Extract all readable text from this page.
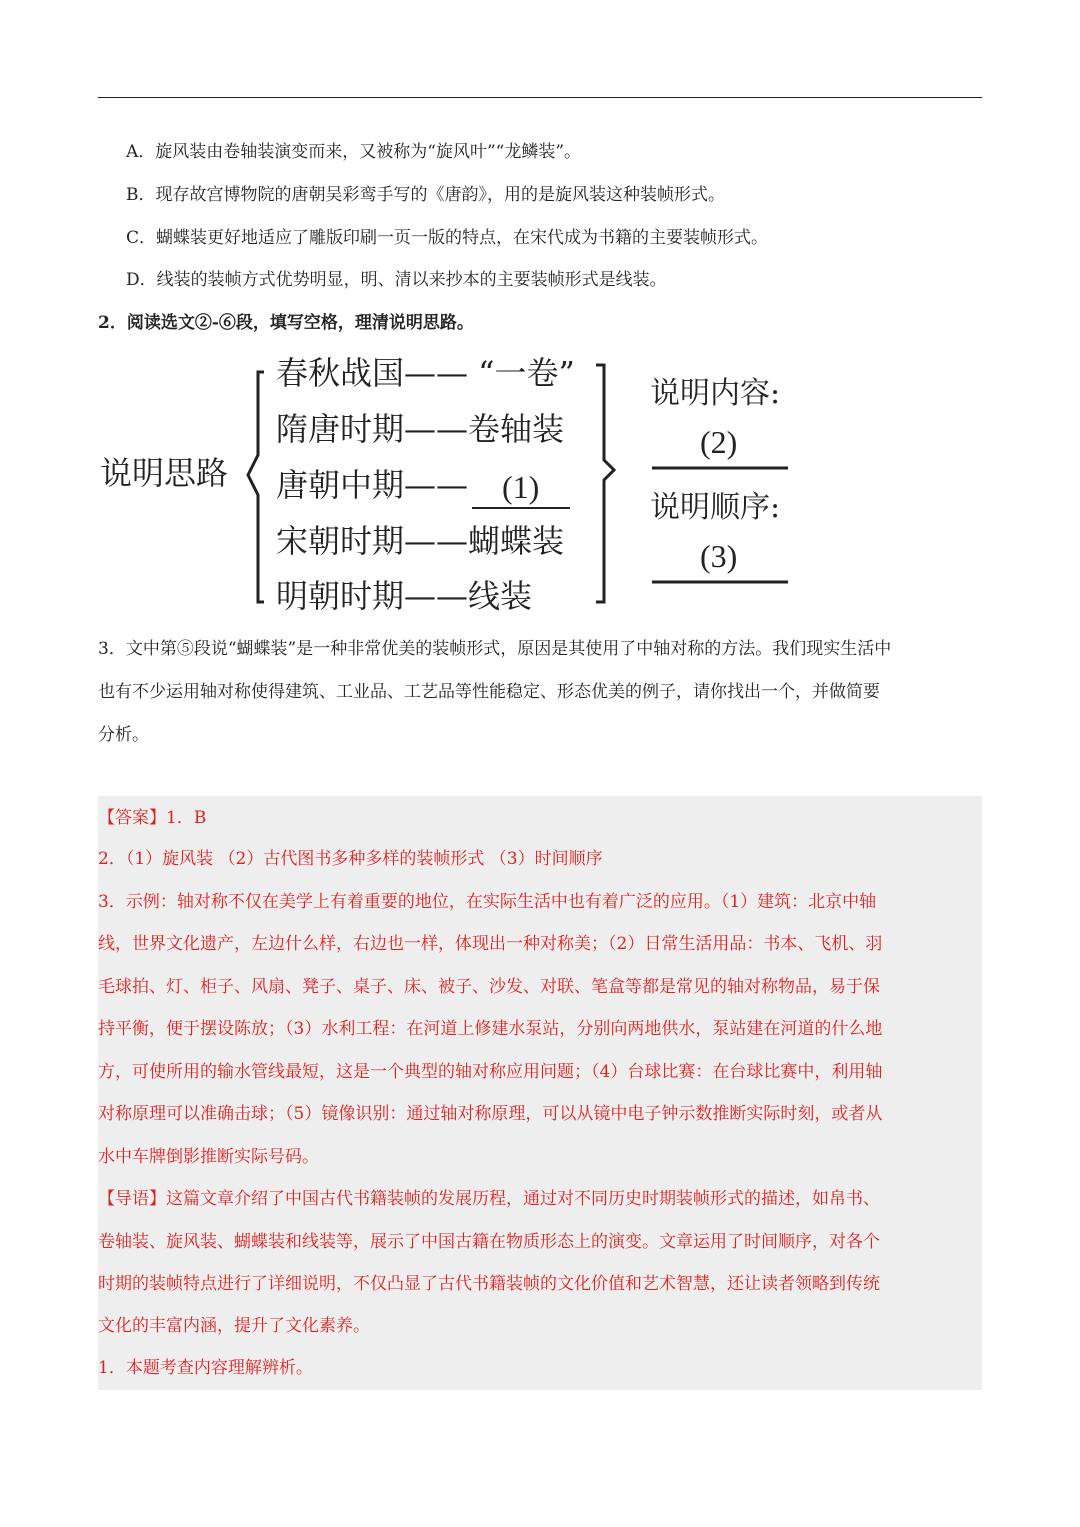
A．旋风装由卷轴装演变而来，又被称为“旋风叶”“龙鳞装”。
B．现存故宫博物院的唐朝吴彩鸾手写的《唐韵》，用的是旋风装这种装帧形式。
C．蝴蝶装更好地适应了雕版印刷一页一版的特点，在宋代成为书籍的主要装帧形式。
D．线装的装帧方式优势明显，明、清以来抄本的主要装帧形式是线装。
2．阅读选文②-⑥段，填写空格，理清说明思路。
说明思路
春秋战国—— “一卷”
隋唐时期——卷轴装
唐朝中期—— (1)
宋朝时期——蝴蝶装
明朝时期——线装
说明内容:
(2)
说明顺序:
(3)

3．文中第⑤段说“蝴蝶装”是一种非常优美的装帧形式，原因是其使用了中轴对称的方法。我们现实生活中

也有不少运用轴对称使得建筑、工业品、工艺品等性能稳定、形态优美的例子，请你找出一个，并做简要

分析。

【答案】1．B
2．（1）旋风装 （2）古代图书多种多样的装帧形式 （3）时间顺序
3．示例：轴对称不仅在美学上有着重要的地位，在实际生活中也有着广泛的应用。（1）建筑：北京中轴
线，世界文化遗产，左边什么样，右边也一样，体现出一种对称美；（2）日常生活用品：书本、飞机、羽
毛球拍、灯、柜子、风扇、凳子、桌子、床、被子、沙发、对联、笔盒等都是常见的轴对称物品，易于保
持平衡，便于摆设陈放；（3）水利工程：在河道上修建水泵站，分别向两地供水，泵站建在河道的什么地
方，可使所用的输水管线最短，这是一个典型的轴对称应用问题；（4）台球比赛：在台球比赛中，利用轴
对称原理可以准确击球；（5）镜像识别：通过轴对称原理，可以从镜中电子钟示数推断实际时刻，或者从
水中车牌倒影推断实际号码。
【导语】这篇文章介绍了中国古代书籍装帧的发展历程，通过对不同历史时期装帧形式的描述，如帛书、
卷轴装、旋风装、蝴蝶装和线装等，展示了中国古籍在物质形态上的演变。文章运用了时间顺序，对各个
时期的装帧特点进行了详细说明，不仅凸显了古代书籍装帧的文化价值和艺术智慧，还让读者领略到传统
文化的丰富内涵，提升了文化素养。
1．本题考查内容理解辨析。
